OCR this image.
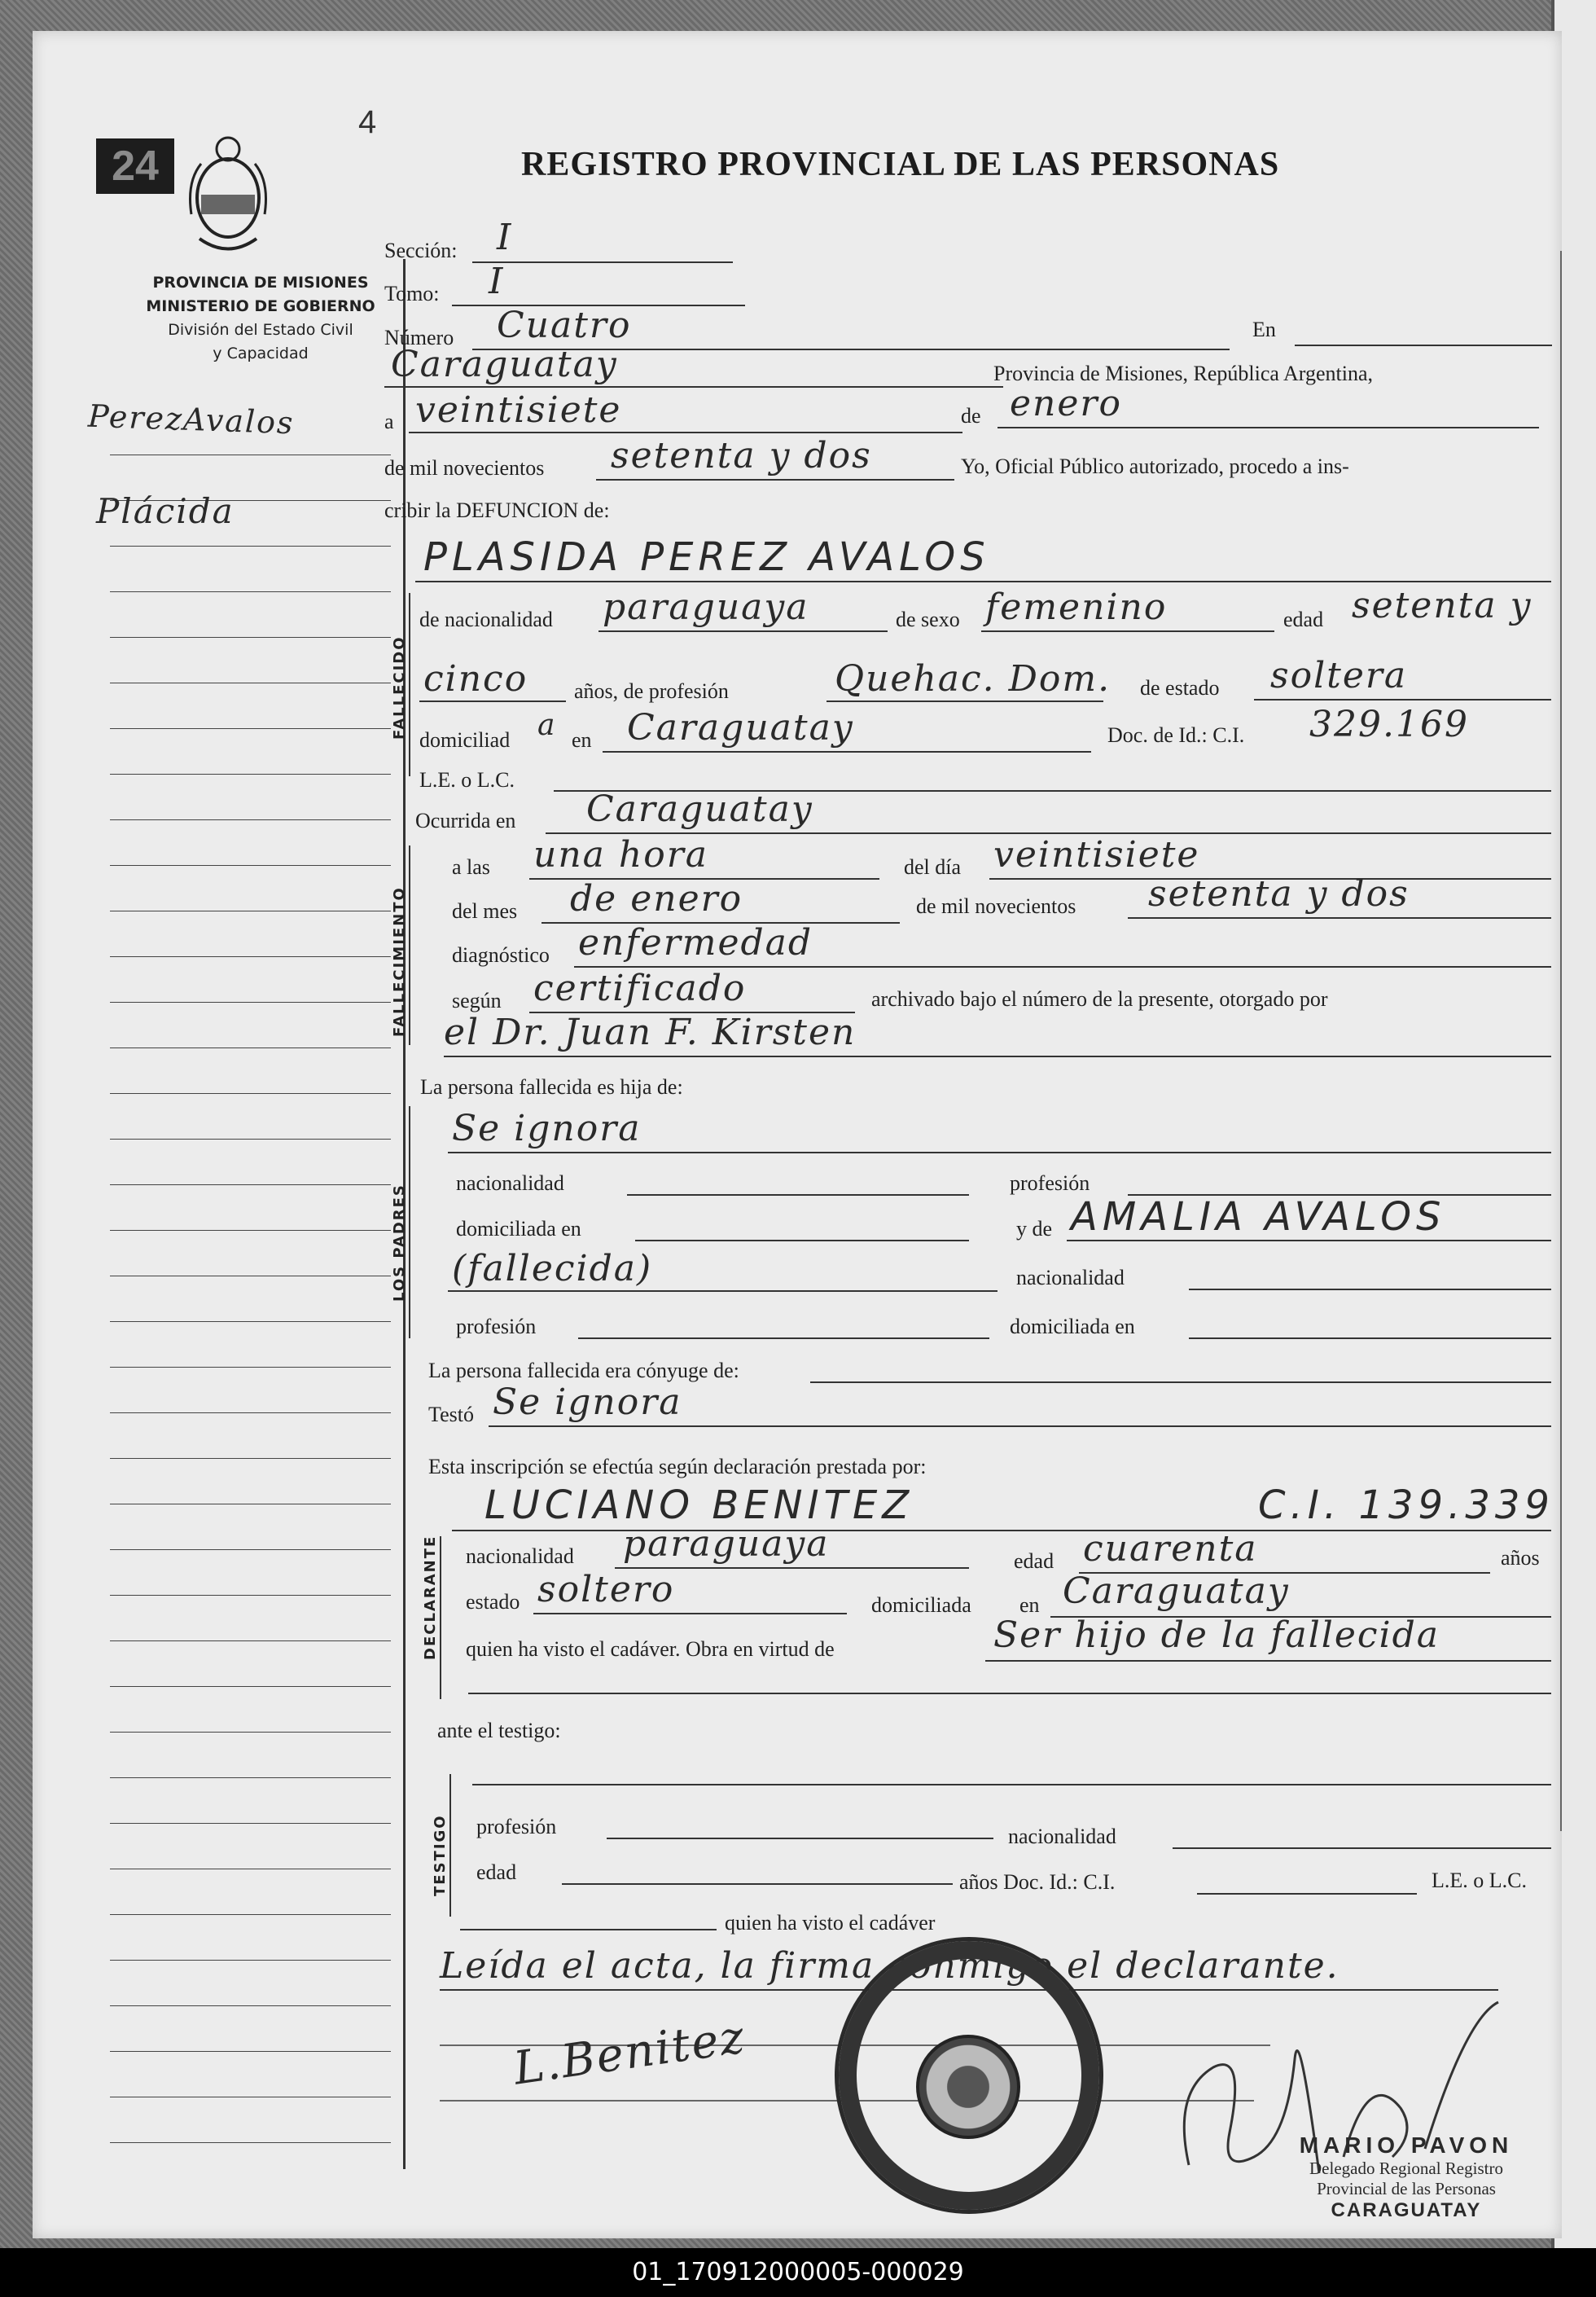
24
4
REGISTRO PROVINCIAL DE LAS PERSONAS
PROVINCIA DE MISIONES
MINISTERIO DE GOBIERNO
División del Estado Civil
y Capacidad
PerezAvalos
Plácida
Sección: I
Tomo: I
Número Cuatro	En
Caraguatay	Provincia de Misiones, República Argentina,
a veintisiete	de enero
de mil novecientos setenta y dos	Yo, Oficial Público autorizado, procedo a ins-
cribir la DEFUNCION de:
PLASIDA PEREZ AVALOS
FALLECIDO
de nacionalidad paraguaya	de sexo femenino	edad setenta y
cinco años, de profesión	Quehac. Dom. de estado soltera
domiciliad a en Caraguatay	Doc. de Id.: C.I. 329.169
L.E. o L.C.
Ocurrida en Caraguatay
FALLECIMIENTO
a las una hora	del día veintisiete
del mes de enero	de mil novecientos setenta y dos
diagnóstico enfermedad
según certificado	archivado bajo el número de la presente, otorgado por
el Dr. Juan F. Kirsten
La persona fallecida es hija de:
LOS PADRES
Se ignora
nacionalidad	profesión
domiciliada en	y de AMALIA AVALOS
(fallecida)	nacionalidad
profesión	domiciliada en
La persona fallecida era cónyuge de:
Testó Se ignora
Esta inscripción se efectúa según declaración prestada por:
LUCIANO BENITEZ	C.I. 139.339
DECLARANTE nacionalidad paraguaya	edad cuarenta	años
estado soltero	domiciliada en Caraguatay
quien ha visto el cadáver. Obra en virtud de	Ser hijo de la fallecida
ante el testigo:
TESTIGO profesión	nacionalidad
edad	años Doc. Id.: C.I.	L.E. o L.C.
quien ha visto el cadáver
Leída el acta, la firma conmigo el declarante.
L.Benitez
MARIO PAVON
Delegado Regional Registro
Provincial de las Personas
CARAGUATAY
01_170912000005-000029
